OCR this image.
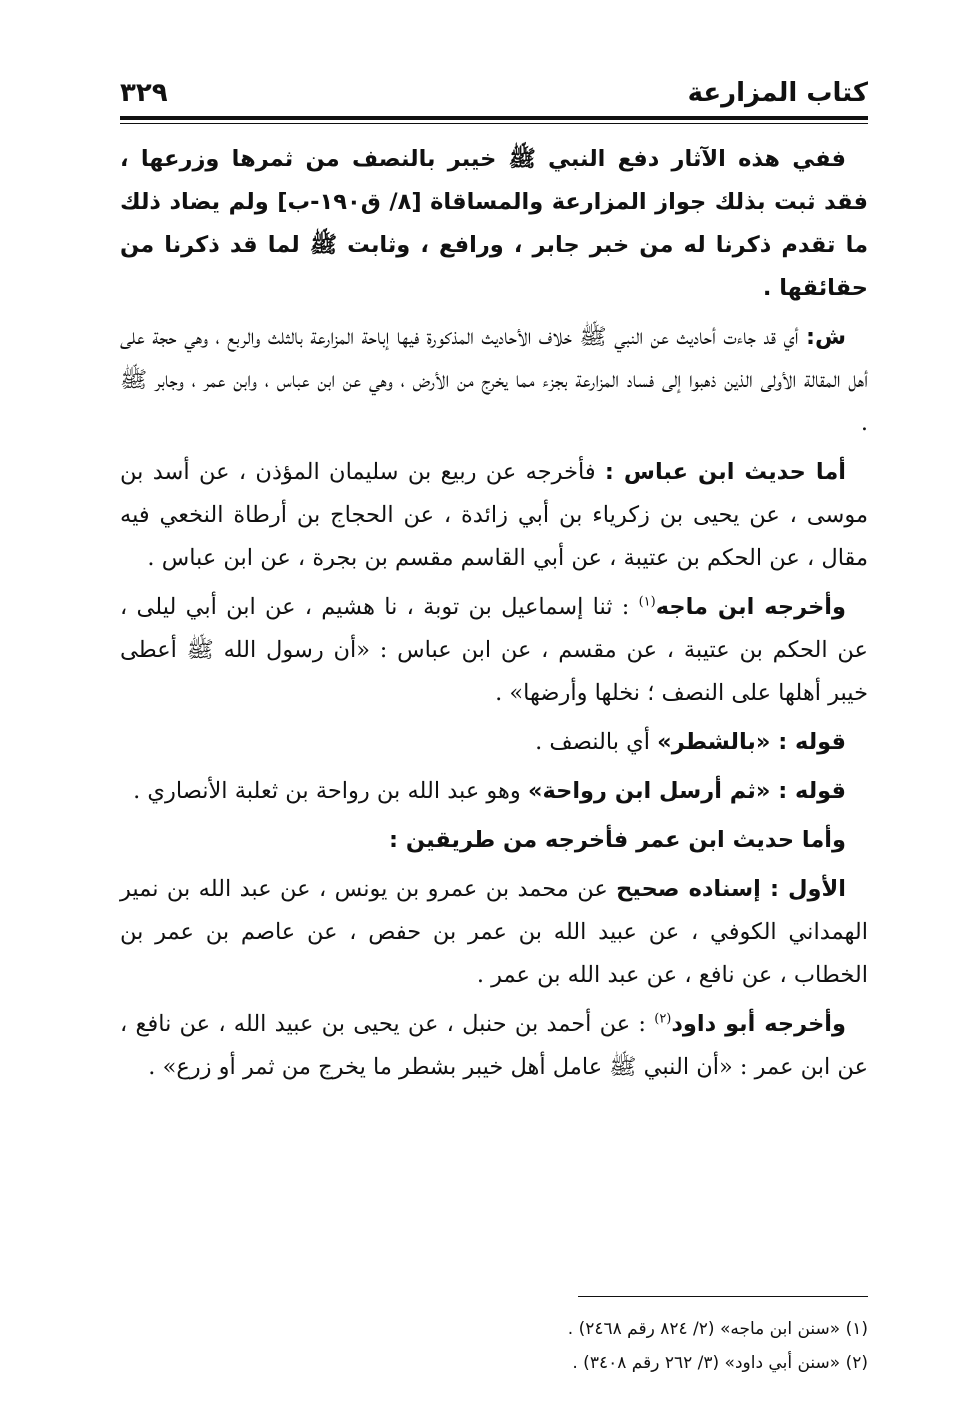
كتاب المزارعة
٣٢٩

ففي هذه الآثار دفع النبي ﷺ خيبر بالنصف من ثمرها وزرعها ، فقد ثبت بذلك جواز المزارعة والمساقاة [٨/ ق١٩٠-ب] ولم يضاد ذلك ما تقدم ذكرنا له من خبر جابر ، ورافع ، وثابت ﷺ لما قد ذكرنا من حقائقها .

ش: أي قد جاءت أحاديث عن النبي ﷺ خلاف الأحاديث المذكورة فيها إباحة المزارعة بالثلث والربع ، وهي حجة على أهل المقالة الأولى الذين ذهبوا إلى فساد المزارعة بجزء مما يخرج من الأرض ، وهي عن ابن عباس ، وابن عمر ، وجابر ﷺ .

أما حديث ابن عباس : فأخرجه عن ربيع بن سليمان المؤذن ، عن أسد بن موسى ، عن يحيى بن زكرياء بن أبي زائدة ، عن الحجاج بن أرطاة النخعي فيه مقال ، عن الحكم بن عتيبة ، عن أبي القاسم مقسم بن بجرة ، عن ابن عباس .

وأخرجه ابن ماجه$^{(١)}$ : ثنا إسماعيل بن توبة ، نا هشيم ، عن ابن أبي ليلى ، عن الحكم بن عتيبة ، عن مقسم ، عن ابن عباس : «أن رسول الله ﷺ أعطى خيبر أهلها على النصف ؛ نخلها وأرضها» .

قوله : «بالشطر» أي بالنصف .

قوله : «ثم أرسل ابن رواحة» وهو عبد الله بن رواحة بن ثعلبة الأنصاري .

وأما حديث ابن عمر فأخرجه من طريقين :

الأول : إسناده صحيح عن محمد بن عمرو بن يونس ، عن عبد الله بن نمير الهمداني الكوفي ، عن عبيد الله بن عمر بن حفص ، عن عاصم بن عمر بن الخطاب ، عن نافع ، عن عبد الله بن عمر .

وأخرجه أبو داود$^{(٢)}$ : عن أحمد بن حنبل ، عن يحيى بن عبيد الله ، عن نافع ، عن ابن عمر : «أن النبي ﷺ عامل أهل خيبر بشطر ما يخرج من ثمر أو زرع» .

(١) «سنن ابن ماجه» (٢/ ٨٢٤ رقم ٢٤٦٨) .
(٢) «سنن أبي داود» (٣/ ٢٦٢ رقم ٣٤٠٨) .
